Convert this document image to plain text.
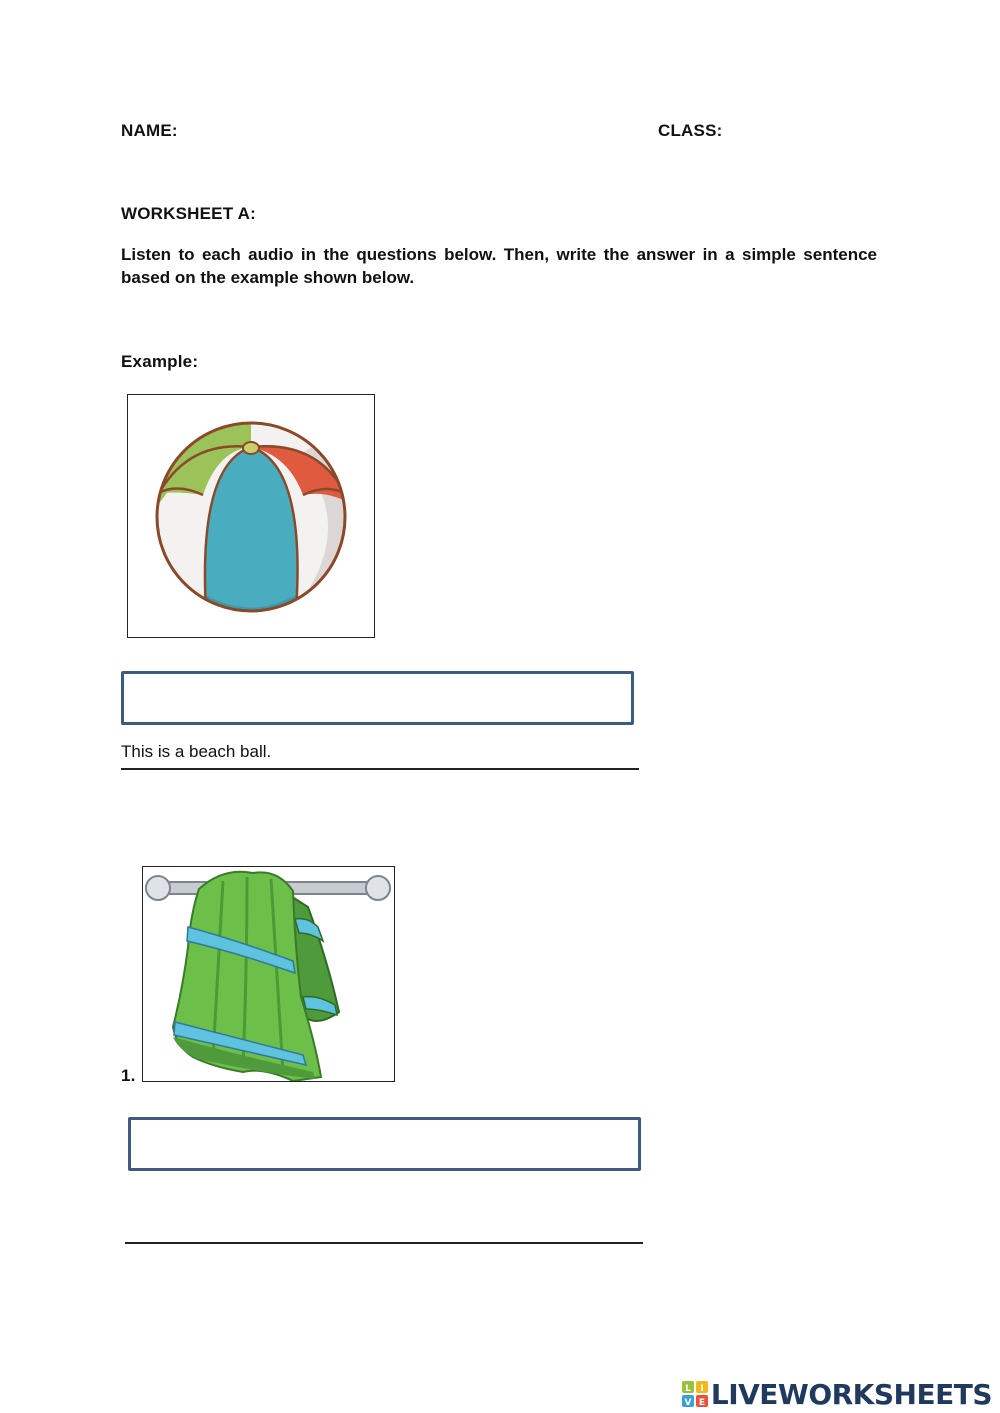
NAME:	CLASS:
WORKSHEET A:
Listen to each audio in the questions below. Then, write the answer in a simple sentence based on the example shown below.
Example:
This is a beach ball.
1.
L I
V E LIVEWORKSHEETS
